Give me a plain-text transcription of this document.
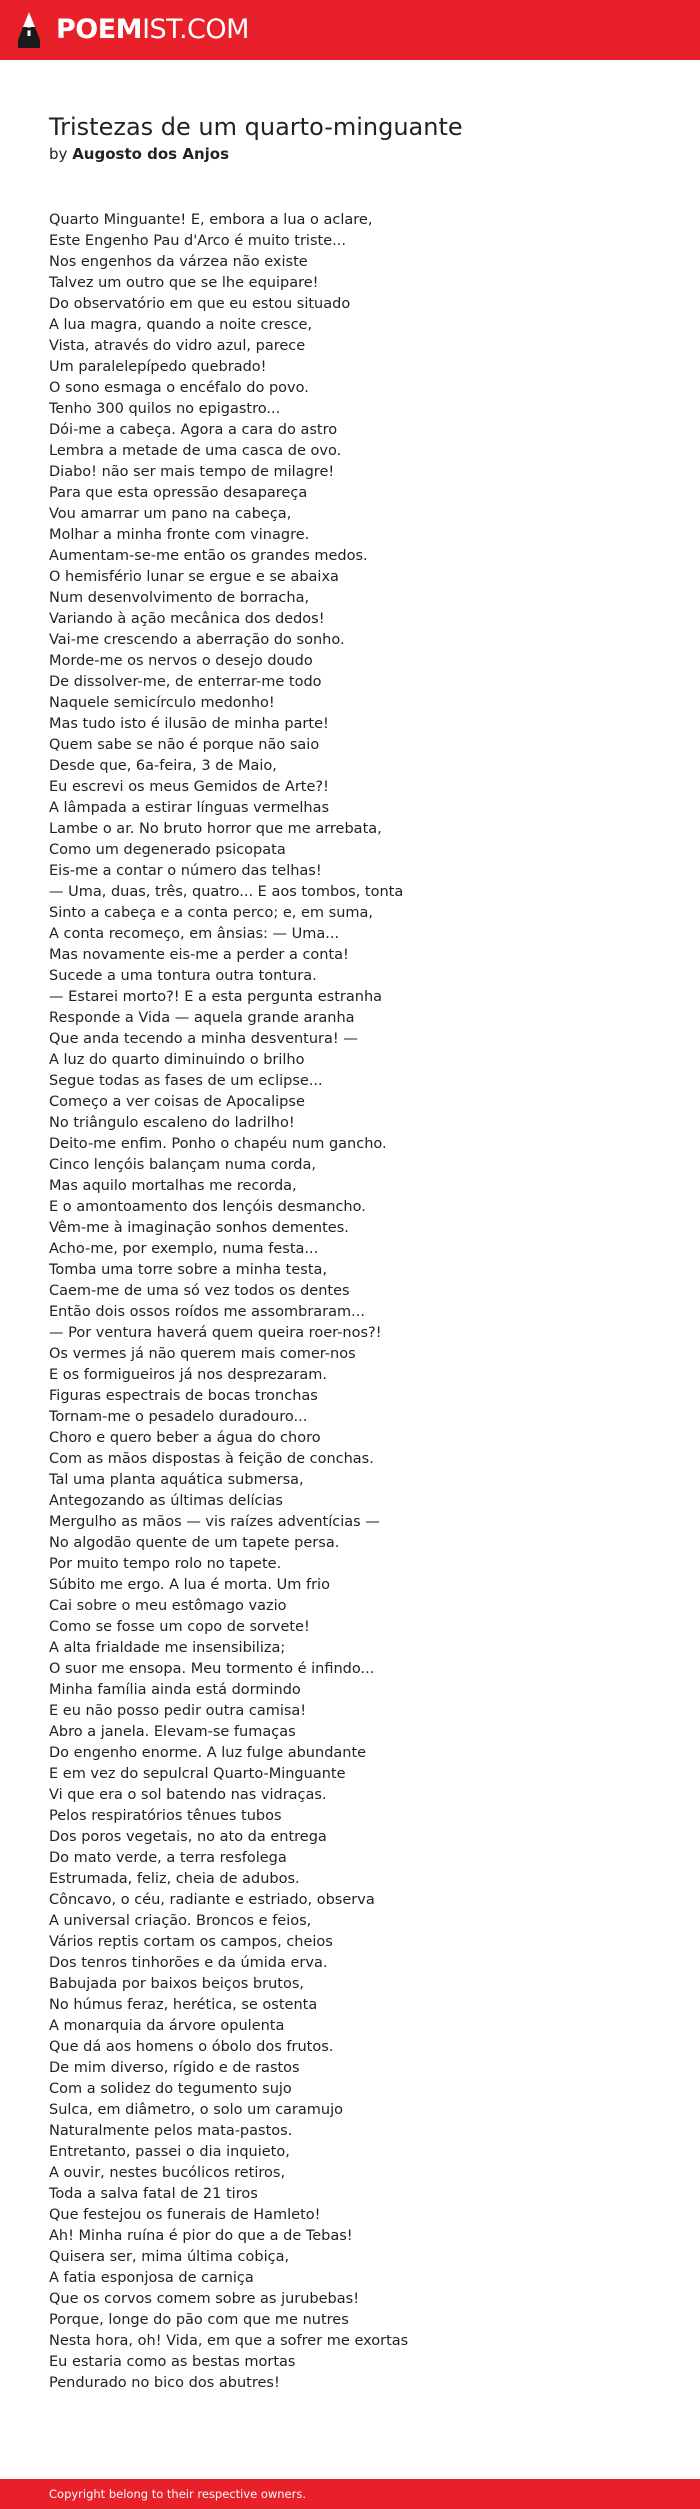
POEMIST.COM
Tristezas de um quarto-minguante

by Augosto dos Anjos

Quarto Minguante! E, embora a lua o aclare,
Este Engenho Pau d'Arco é muito triste...
Nos engenhos da várzea não existe
Talvez um outro que se lhe equipare!
Do observatório em que eu estou situado
A lua magra, quando a noite cresce,
Vista, através do vidro azul, parece
Um paralelepípedo quebrado!
O sono esmaga o encéfalo do povo.
Tenho 300 quilos no epigastro...
Dói-me a cabeça. Agora a cara do astro
Lembra a metade de uma casca de ovo.
Diabo! não ser mais tempo de milagre!
Para que esta opressão desapareça
Vou amarrar um pano na cabeça,
Molhar a minha fronte com vinagre.
Aumentam-se-me então os grandes medos.
O hemisfério lunar se ergue e se abaixa
Num desenvolvimento de borracha,
Variando à ação mecânica dos dedos!
Vai-me crescendo a aberração do sonho.
Morde-me os nervos o desejo doudo
De dissolver-me, de enterrar-me todo
Naquele semicírculo medonho!
Mas tudo isto é ilusão de minha parte!
Quem sabe se não é porque não saio
Desde que, 6a-feira, 3 de Maio,
Eu escrevi os meus Gemidos de Arte?!
A lâmpada a estirar línguas vermelhas
Lambe o ar. No bruto horror que me arrebata,
Como um degenerado psicopata
Eis-me a contar o número das telhas!
— Uma, duas, três, quatro... E aos tombos, tonta
Sinto a cabeça e a conta perco; e, em suma,
A conta recomeço, em ânsias: — Uma...
Mas novamente eis-me a perder a conta!
Sucede a uma tontura outra tontura.
— Estarei morto?! E a esta pergunta estranha
Responde a Vida — aquela grande aranha
Que anda tecendo a minha desventura! —
A luz do quarto diminuindo o brilho
Segue todas as fases de um eclipse...
Começo a ver coisas de Apocalipse
No triângulo escaleno do ladrilho!
Deito-me enfim. Ponho o chapéu num gancho.
Cinco lençóis balançam numa corda,
Mas aquilo mortalhas me recorda,
E o amontoamento dos lençóis desmancho.
Vêm-me à imaginação sonhos dementes.
Acho-me, por exemplo, numa festa...
Tomba uma torre sobre a minha testa,
Caem-me de uma só vez todos os dentes
Então dois ossos roídos me assombraram...
— Por ventura haverá quem queira roer-nos?!
Os vermes já não querem mais comer-nos
E os formigueiros já nos desprezaram.
Figuras espectrais de bocas tronchas
Tornam-me o pesadelo duradouro...
Choro e quero beber a água do choro
Com as mãos dispostas à feição de conchas.
Tal uma planta aquática submersa,
Antegozando as últimas delícias
Mergulho as mãos — vis raízes adventícias —
No algodão quente de um tapete persa.
Por muito tempo rolo no tapete.
Súbito me ergo. A lua é morta. Um frio
Cai sobre o meu estômago vazio
Como se fosse um copo de sorvete!
A alta frialdade me insensibiliza;
O suor me ensopa. Meu tormento é infindo...
Minha família ainda está dormindo
E eu não posso pedir outra camisa!
Abro a janela. Elevam-se fumaças
Do engenho enorme. A luz fulge abundante
E em vez do sepulcral Quarto-Minguante
Vi que era o sol batendo nas vidraças.
Pelos respiratórios tênues tubos
Dos poros vegetais, no ato da entrega
Do mato verde, a terra resfolega
Estrumada, feliz, cheia de adubos.
Côncavo, o céu, radiante e estriado, observa
A universal criação. Broncos e feios,
Vários reptis cortam os campos, cheios
Dos tenros tinhorões e da úmida erva.
Babujada por baixos beiços brutos,
No húmus feraz, herética, se ostenta
A monarquia da árvore opulenta
Que dá aos homens o óbolo dos frutos.
De mim diverso, rígido e de rastos
Com a solidez do tegumento sujo
Sulca, em diâmetro, o solo um caramujo
Naturalmente pelos mata-pastos.
Entretanto, passei o dia inquieto,
A ouvir, nestes bucólicos retiros,
Toda a salva fatal de 21 tiros
Que festejou os funerais de Hamleto!
Ah! Minha ruína é pior do que a de Tebas!
Quisera ser, mima última cobiça,
A fatia esponjosa de carniça
Que os corvos comem sobre as jurubebas!
Porque, longe do pão com que me nutres
Nesta hora, oh! Vida, em que a sofrer me exortas
Eu estaria como as bestas mortas
Pendurado no bico dos abutres!
Copyright belong to their respective owners.
